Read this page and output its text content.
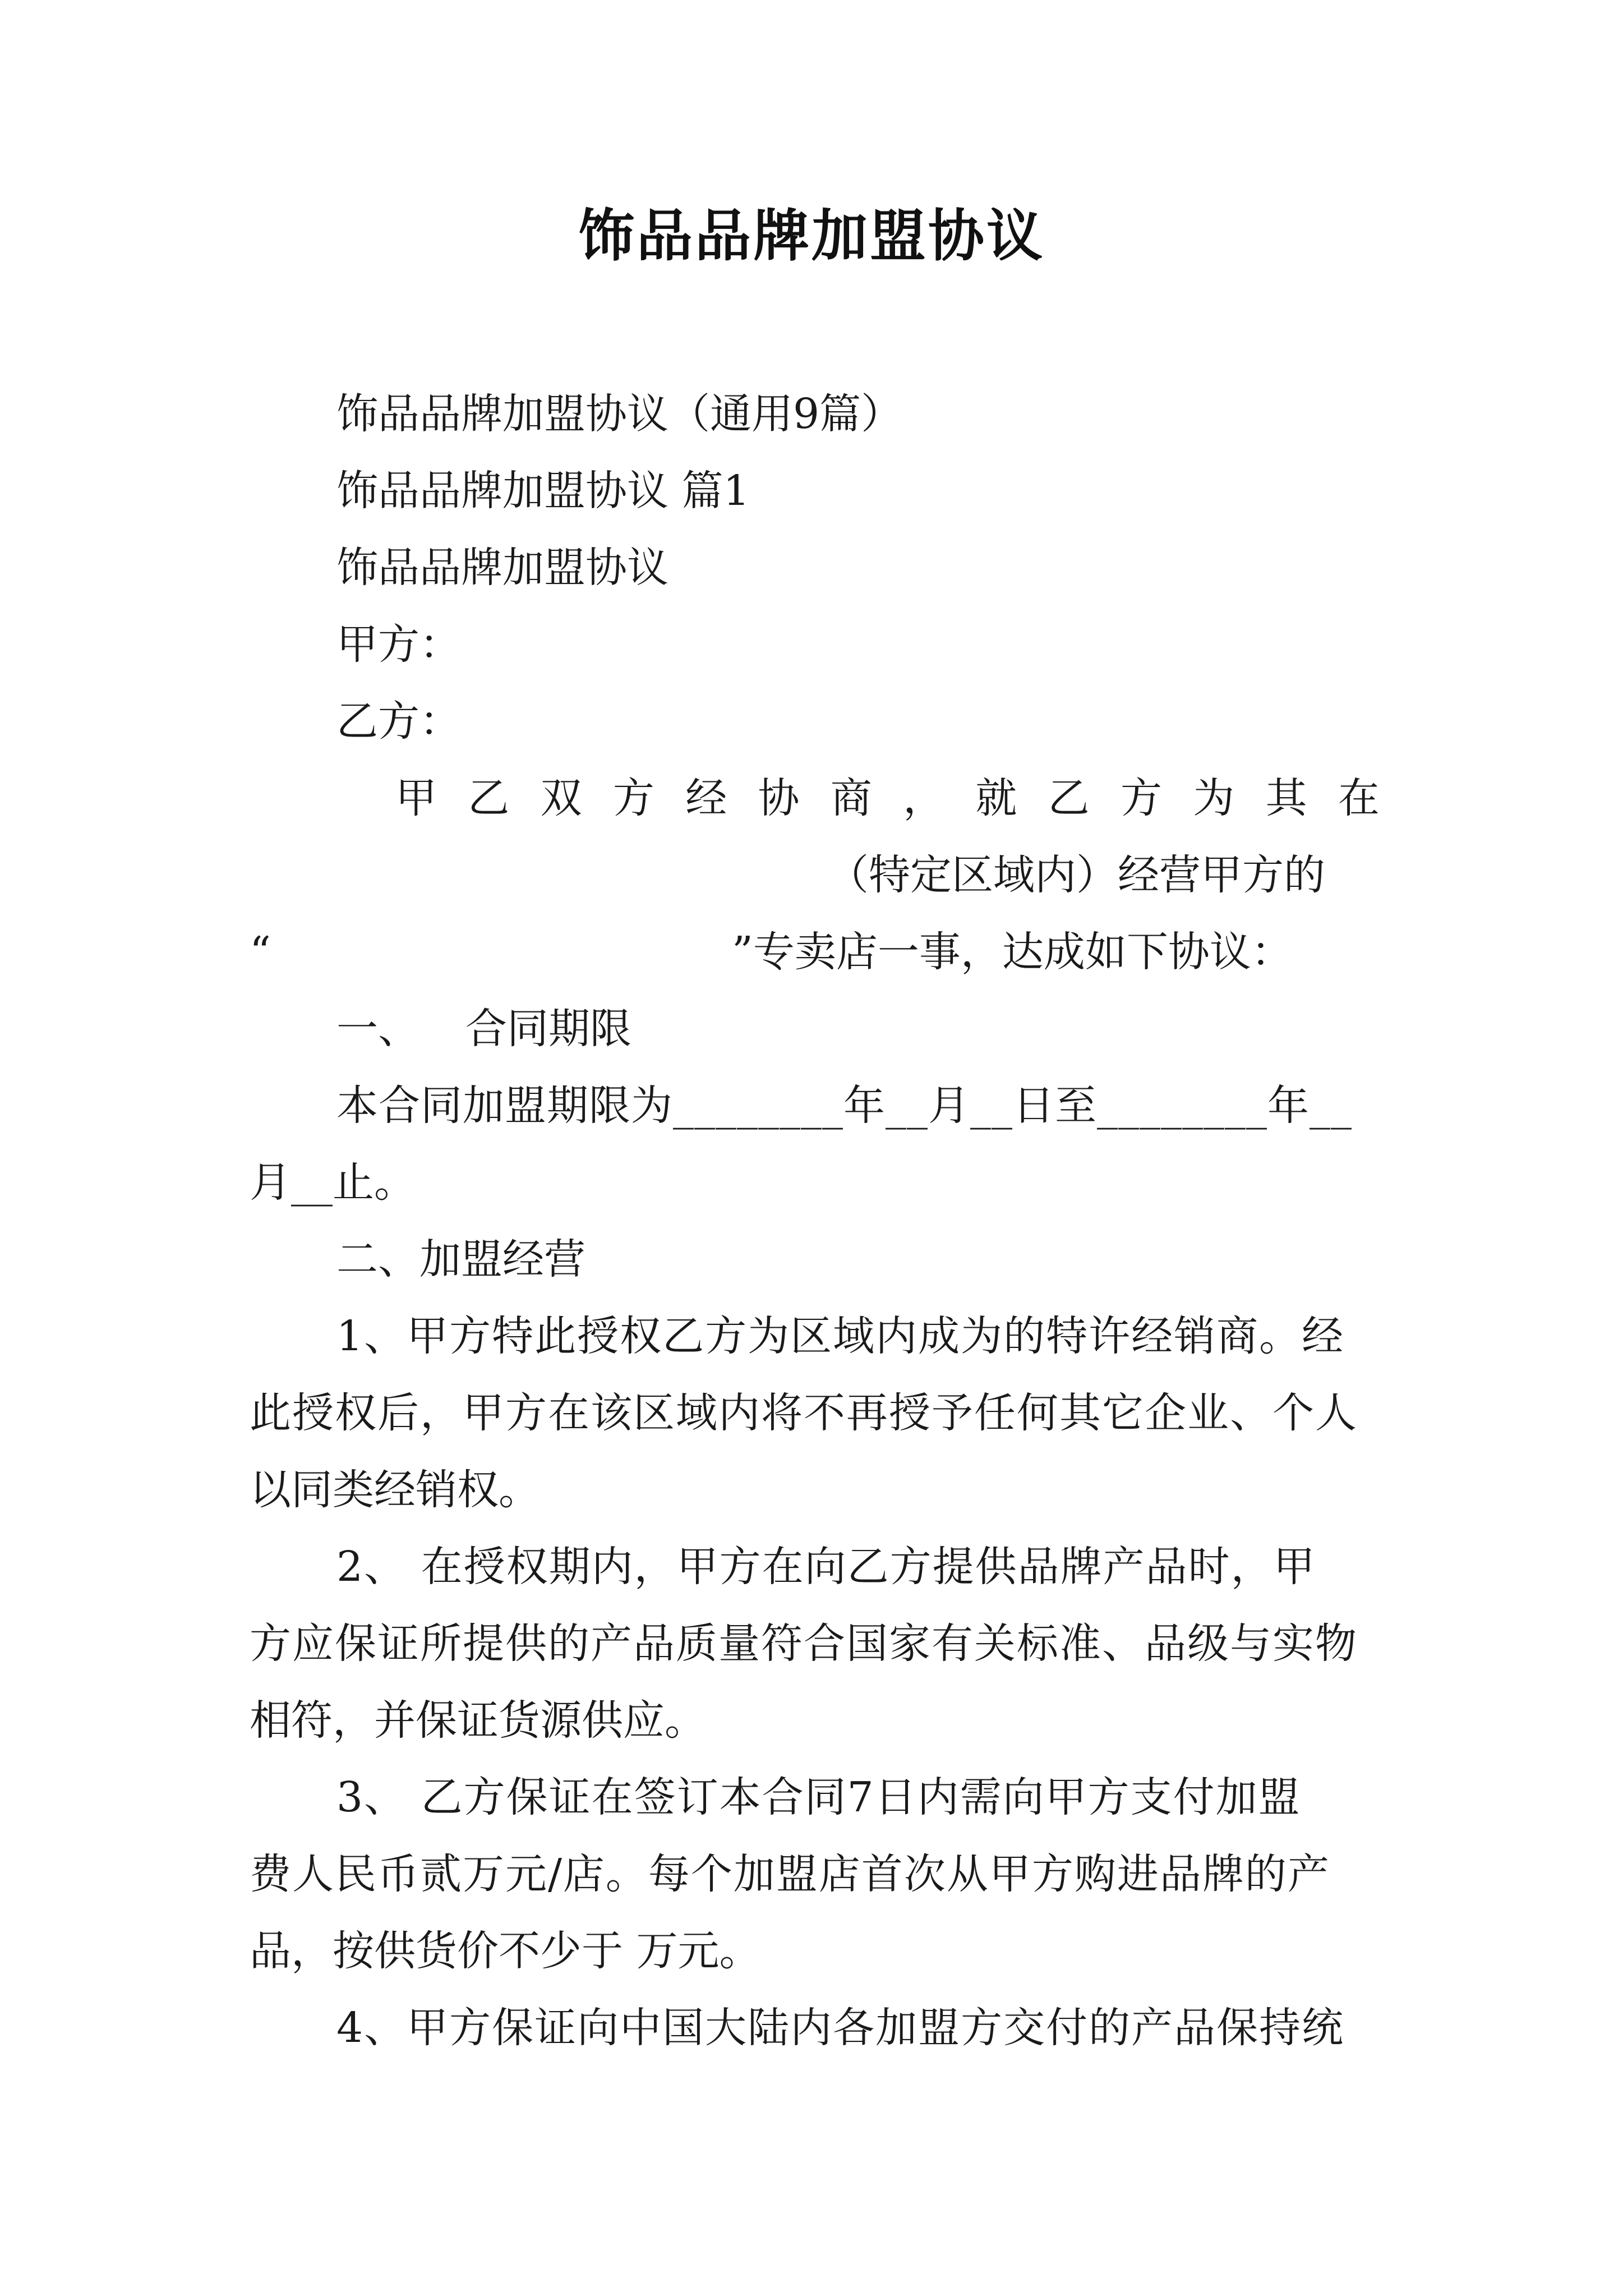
饰品品牌加盟协议
饰品品牌加盟协议（通用9篇）
饰品品牌加盟协议 篇1
饰品品牌加盟协议
甲方：
乙方：
甲 乙 双 方 经 协 商 ， 就 乙 方 为 其 在
（特定区域内）经营甲方的
“	”专卖店一事，达成如下协议：
一、 合同期限
本合同加盟期限为________年__月__日至________年__
月__止。
二、加盟经营
1、甲方特此授权乙方为区域内成为的特许经销商。经
此授权后，甲方在该区域内将不再授予任何其它企业、个人
以同类经销权。
2、 在授权期内，甲方在向乙方提供品牌产品时，甲
方应保证所提供的产品质量符合国家有关标准、品级与实物
相符，并保证货源供应。
3、 乙方保证在签订本合同7日内需向甲方支付加盟
费人民币贰万元/店。每个加盟店首次从甲方购进品牌的产
品，按供货价不少于 万元。
4、甲方保证向中国大陆内各加盟方交付的产品保持统
